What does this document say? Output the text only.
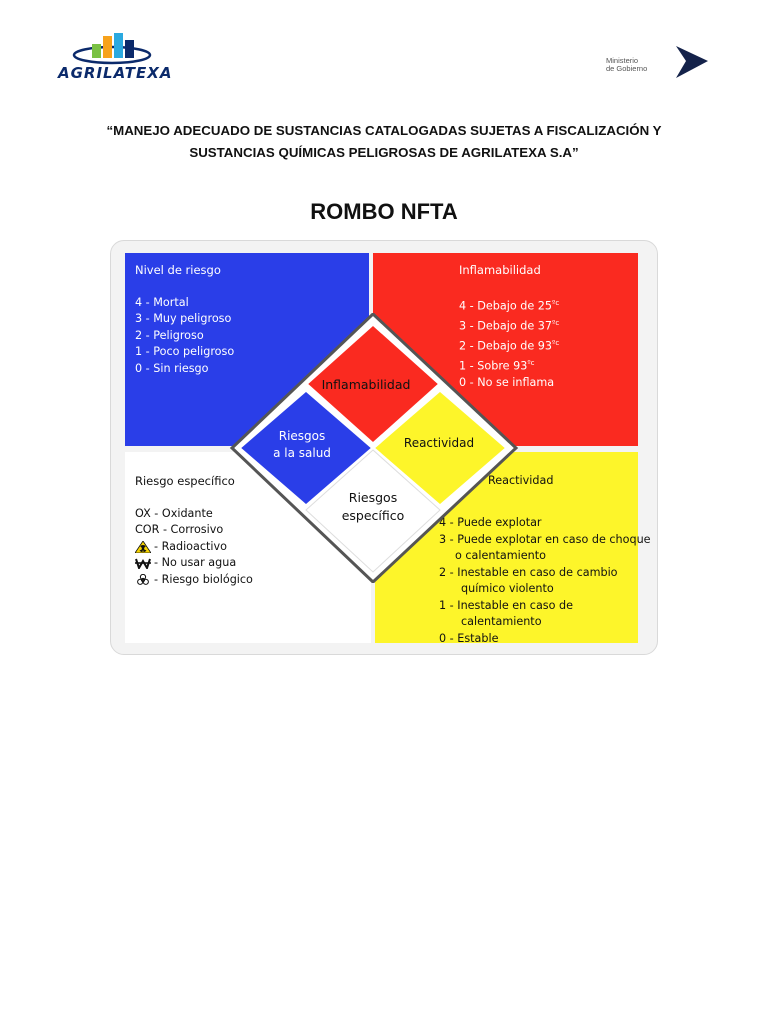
AGRILATEXA
Ministerio
de Gobierno
“MANEJO ADECUADO DE SUSTANCIAS CATALOGADAS SUJETAS A FISCALIZACIÓN Y
SUSTANCIAS QUÍMICAS PELIGROSAS DE AGRILATEXA S.A”
ROMBO NFTA
Nivel de riesgo
4 - Mortal
3 - Muy peligroso
2 - Peligroso
1 - Poco peligroso
0 - Sin riesgo
Inflamabilidad
4 - Debajo de $25^{ºc}$
3 - Debajo de $37^{ºc}$
2 - Debajo de $93^{ºc}$
1 - Sobre $93^{ºc}$
0 - No se inflama
Riesgo específico
OX - Oxidante
COR - Corrosivo
- Radioactivo
- No usar agua
- Riesgo biológico
Reactividad
4 - Puede explotar
3 - Puede explotar en caso de choque
o calentamiento
2 - Inestable en caso de cambio
químico violento
1 - Inestable en caso de
calentamiento
0 - Estable
Inflamabilidad
Riesgos
a la salud
Reactividad
Riesgos
específico
